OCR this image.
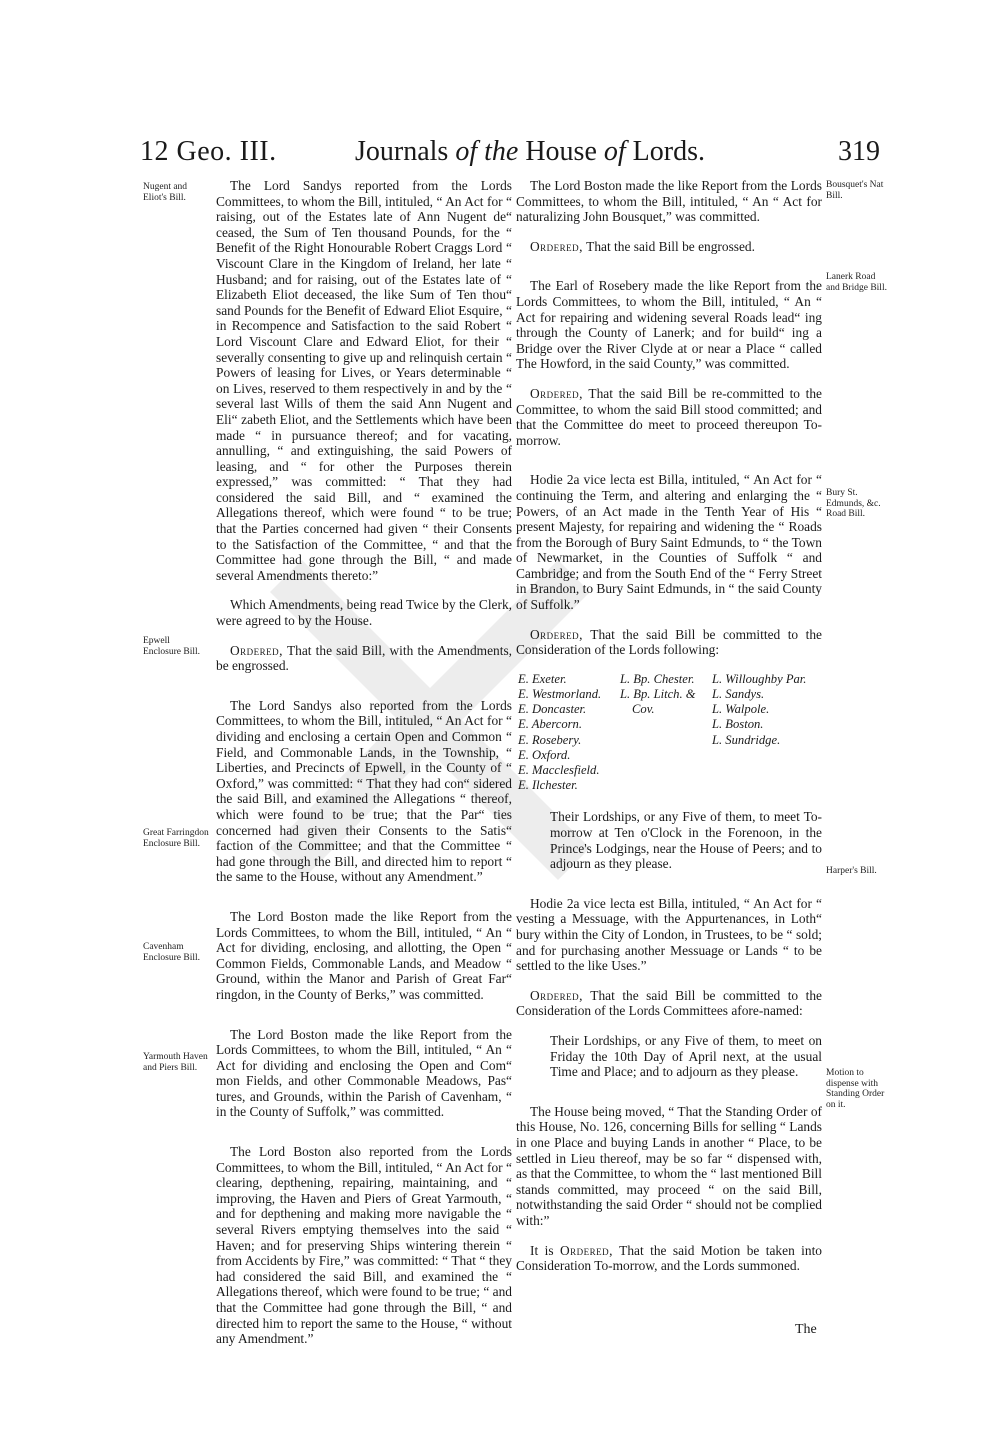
12 Geo. III.	Journals of the House of Lords.	319
Nugent and Eliot's Bill.
Epwell Enclosure Bill.
Great Farringdon Enclosure Bill.
Cavenham Enclosure Bill.
Yarmouth Haven and Piers Bill.
Bousquet's Nat Bill.
Lanerk Road and Bridge Bill.
Bury St. Edmunds, &c. Road Bill.
Harper's Bill.
Motion to dispense with Standing Order on it.

The Lord Sandys reported from the Lords Committees, to whom the Bill, intituled, “ An Act for “ raising, out of the Estates late of Ann Nugent de“ ceased, the Sum of Ten thousand Pounds, for the “ Benefit of the Right Honourable Robert Craggs Lord “ Viscount Clare in the Kingdom of Ireland, her late “ Husband; and for raising, out of the Estates late of “ Elizabeth Eliot deceased, the like Sum of Ten thou“ sand Pounds for the Benefit of Edward Eliot Esquire, “ in Recompence and Satisfaction to the said Robert “ Lord Viscount Clare and Edward Eliot, for their “ severally consenting to give up and relinquish certain “ Powers of leasing for Lives, or Years determinable “ on Lives, reserved to them respectively in and by the “ several last Wills of them the said Ann Nugent and Eli“ zabeth Eliot, and the Settlements which have been made “ in pursuance thereof; and for vacating, annulling, “ and extinguishing, the said Powers of leasing, and “ for other the Purposes therein expressed,” was committed: “ That they had considered the said Bill, and “ examined the Allegations thereof, which were found “ to be true; that the Parties concerned had given “ their Consents to the Satisfaction of the Committee, “ and that the Committee had gone through the Bill, “ and made several Amendments thereto:”

Which Amendments, being read Twice by the Clerk, were agreed to by the House.

Ordered, That the said Bill, with the Amendments, be engrossed.

The Lord Sandys also reported from the Lords Committees, to whom the Bill, intituled, “ An Act for “ dividing and enclosing a certain Open and Common “ Field, and Commonable Lands, in the Township, “ Liberties, and Precincts of Epwell, in the County of “ Oxford,” was committed: “ That they had con“ sidered the said Bill, and examined the Allegations “ thereof, which were found to be true; that the Par“ ties concerned had given their Consents to the Satis“ faction of the Committee; and that the Committee “ had gone through the Bill, and directed him to report “ the same to the House, without any Amendment.”

The Lord Boston made the like Report from the Lords Committees, to whom the Bill, intituled, “ An “ Act for dividing, enclosing, and allotting, the Open “ Common Fields, Commonable Lands, and Meadow “ Ground, within the Manor and Parish of Great Far“ ringdon, in the County of Berks,” was committed.

The Lord Boston made the like Report from the Lords Committees, to whom the Bill, intituled, “ An “ Act for dividing and enclosing the Open and Com“ mon Fields, and other Commonable Meadows, Pas“ tures, and Grounds, within the Parish of Cavenham, “ in the County of Suffolk,” was committed.

The Lord Boston also reported from the Lords Committees, to whom the Bill, intituled, “ An Act for “ clearing, depthening, repairing, maintaining, and “ improving, the Haven and Piers of Great Yarmouth, “ and for depthening and making more navigable the “ several Rivers emptying themselves into the said “ Haven; and for preserving Ships wintering therein “ from Accidents by Fire,” was committed: “ That “ they had considered the said Bill, and examined the “ Allegations thereof, which were found to be true; “ and that the Committee had gone through the Bill, “ and directed him to report the same to the House, “ without any Amendment.”

The Lord Boston made the like Report from the Lords Committees, to whom the Bill, intituled, “ An “ Act for naturalizing John Bousquet,” was committed.

Ordered, That the said Bill be engrossed.

The Earl of Rosebery made the like Report from the Lords Committees, to whom the Bill, intituled, “ An “ Act for repairing and widening several Roads lead“ ing through the County of Lanerk; and for build“ ing a Bridge over the River Clyde at or near a Place “ called The Howford, in the said County,” was committed.

Ordered, That the said Bill be re-committed to the Committee, to whom the said Bill stood committed; and that the Committee do meet to proceed thereupon To-morrow.

Hodie 2a vice lecta est Billa, intituled, “ An Act for “ continuing the Term, and altering and enlarging the “ Powers, of an Act made in the Tenth Year of His “ present Majesty, for repairing and widening the “ Roads from the Borough of Bury Saint Edmunds, to “ the Town of Newmarket, in the Counties of Suffolk “ and Cambridge; and from the South End of the “ Ferry Street in Brandon, to Bury Saint Edmunds, in “ the said County of Suffolk.”

Ordered, That the said Bill be committed to the Consideration of the Lords following:

E. Exeter.
E. Westmorland.
E. Doncaster.
E. Abercorn.
E. Rosebery.
E. Oxford.
E. Macclesfield.
E. Ilchester.
L. Bp. Chester.
L. Bp. Litch. &
Cov.
L. Willoughby Par.
L. Sandys.
L. Walpole.
L. Boston.
L. Sundridge.

Their Lordships, or any Five of them, to meet To-morrow at Ten o'Clock in the Forenoon, in the Prince's Lodgings, near the House of Peers; and to adjourn as they please.

Hodie 2a vice lecta est Billa, intituled, “ An Act for “ vesting a Messuage, with the Appurtenances, in Loth“ bury within the City of London, in Trustees, to be “ sold; and for purchasing another Messuage or Lands “ to be settled to the like Uses.”

Ordered, That the said Bill be committed to the Consideration of the Lords Committees afore-named:

Their Lordships, or any Five of them, to meet on Friday the 10th Day of April next, at the usual Time and Place; and to adjourn as they please.

The House being moved, “ That the Standing Order of this House, No. 126, concerning Bills for selling “ Lands in one Place and buying Lands in another “ Place, to be settled in Lieu thereof, may be so far “ dispensed with, as that the Committee, to whom the “ last mentioned Bill stands committed, may proceed “ on the said Bill, notwithstanding the said Order “ should not be complied with:”

It is Ordered, That the said Motion be taken into Consideration To-morrow, and the Lords summoned.

The
